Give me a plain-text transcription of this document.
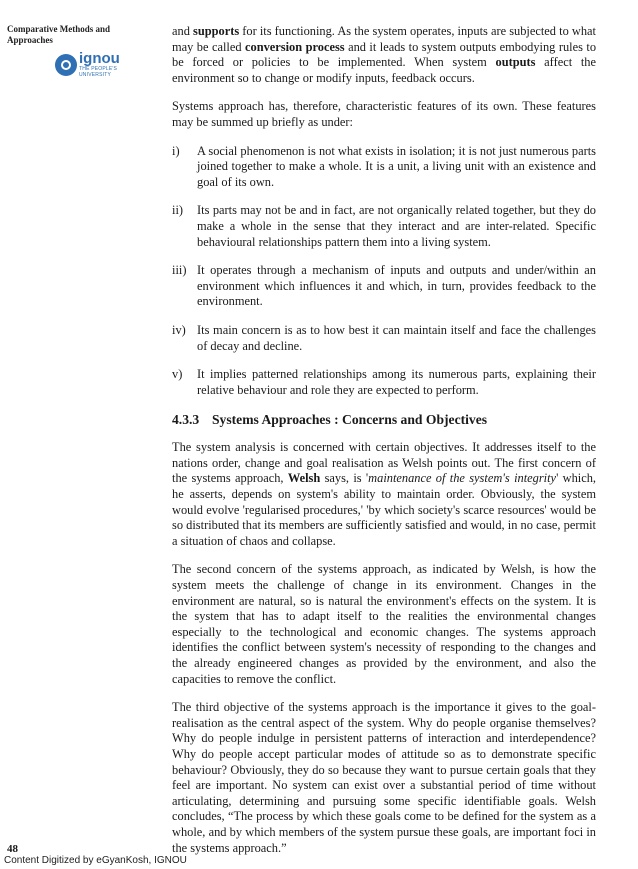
Comparative Methods and
Approaches
ignou
THE PEOPLE'S
UNIVERSITY

and supports for its functioning. As the system operates, inputs are subjected to what may be called conversion process and it leads to system outputs embodying rules to be forced or policies to be implemented. When system outputs affect the environment so to change or modify inputs, feedback occurs.

Systems approach has, therefore, characteristic features of its own. These features may be summed up briefly as under:

i)	A social phenomenon is not what exists in isolation; it is not just numerous parts joined together to make a whole. It is a unit, a living unit with an existence and goal of its own.
ii)	Its parts may not be and in fact, are not organically related together, but they do make a whole in the sense that they interact and are inter-related. Specific behavioural relationships pattern them into a living system.
iii) It operates through a mechanism of inputs and outputs and under/within an environment which influences it and which, in turn, provides feedback to the environment.
iv) Its main concern is as to how best it can maintain itself and face the challenges of decay and decline.
v)	It implies patterned relationships among its numerous parts, explaining their relative behaviour and role they are expected to perform.
4.3.3 Systems Approaches : Concerns and Objectives

The system analysis is concerned with certain objectives. It addresses itself to the nations order, change and goal realisation as Welsh points out. The first concern of the systems approach, Welsh says, is 'maintenance of the system's integrity' which, he asserts, depends on system's ability to maintain order. Obviously, the system would evolve 'regularised procedures,' 'by which society's scarce resources' would be so distributed that its members are sufficiently satisfied and would, in no case, permit a situation of chaos and collapse.

The second concern of the systems approach, as indicated by Welsh, is how the system meets the challenge of change in its environment. Changes in the environment are natural, so is natural the environment's effects on the system. It is the system that has to adapt itself to the realities the environmental changes especially to the technological and economic changes. The systems approach identifies the conflict between system's necessity of responding to the changes and the already engineered changes as provided by the environment, and also the capacities to remove the conflict.

The third objective of the systems approach is the importance it gives to the goal-realisation as the central aspect of the system. Why do people organise themselves? Why do people indulge in persistent patterns of interaction and interdependence? Why do people accept particular modes of attitude so as to demonstrate specific behaviour? Obviously, they do so because they want to pursue certain goals that they feel are important. No system can exist over a substantial period of time without articulating, determining and pursuing some specific identifiable goals. Welsh concludes, “The process by which these goals come to be defined for the system as a whole, and by which members of the system pursue these goals, are important foci in the systems approach.”

48
Content Digitized by eGyanKosh, IGNOU
